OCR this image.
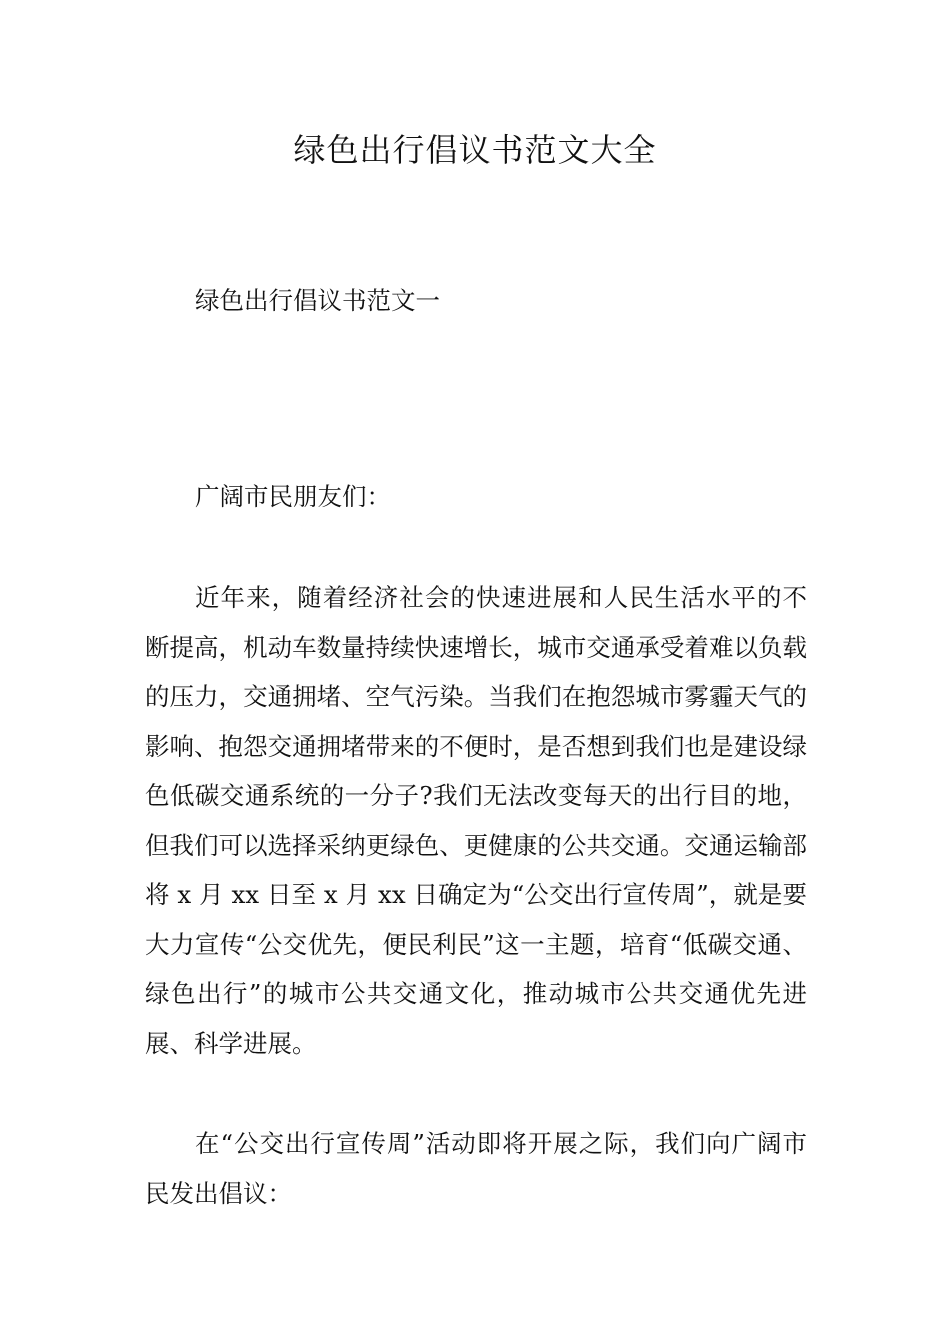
绿色出行倡议书范文大全

绿色出行倡议书范文一

广阔市民朋友们：

近年来，随着经济社会的快速进展和人民生活水平的不断提高，机动车数量持续快速增长，城市交通承受着难以负载的压力，交通拥堵、空气污染。当我们在抱怨城市雾霾天气的影响、抱怨交通拥堵带来的不便时，是否想到我们也是建设绿色低碳交通系统的一分子?我们无法改变每天的出行目的地，但我们可以选择采纳更绿色、更健康的公共交通。交通运输部将 x 月 xx 日至 x 月 xx 日确定为“公交出行宣传周”，就是要大力宣传“公交优先，便民利民”这一主题，培育“低碳交通、绿色出行”的城市公共交通文化，推动城市公共交通优先进展、科学进展。

在“公交出行宣传周”活动即将开展之际，我们向广阔市民发出倡议：
